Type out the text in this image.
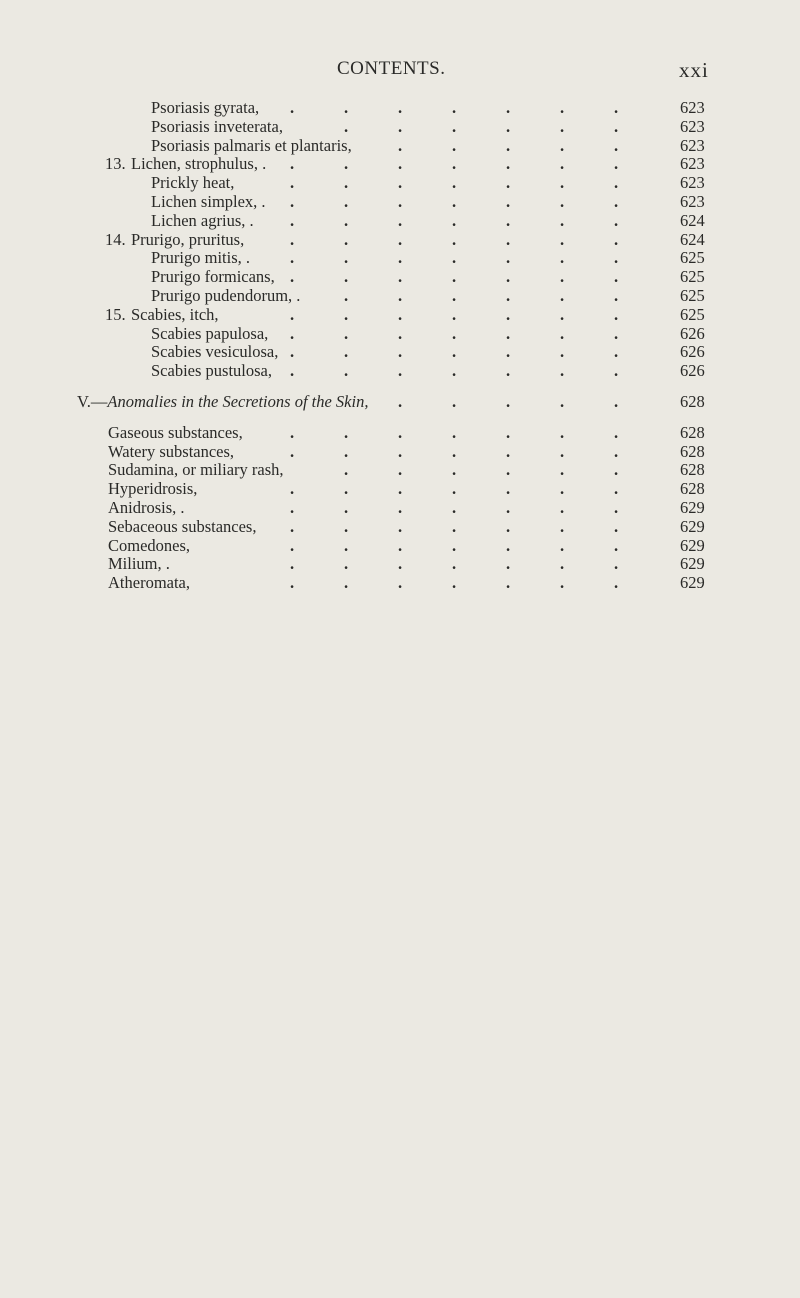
CONTENTS.	xxi
Psoriasis gyrata,	623
.	.	.	.	.	.	.
Psoriasis inveterata,	623
.	.	.	.	.	.
Psoriasis palmaris et plantaris,	623
.	.	.	.	.
13. Lichen, strophulus, .	623
.	.	.	.	.	.	.
Prickly heat,	623
.	.	.	.	.	.	.
Lichen simplex, .	623
.	.	.	.	.	.	.
Lichen agrius, .	624
.	.	.	.	.	.	.
14. Prurigo, pruritus,	624
.	.	.	.	.	.	.
Prurigo mitis, .	625
.	.	.	.	.	.	.
Prurigo formicans,	625
.	.	.	.	.	.	.
Prurigo pudendorum, .	625
.	.	.	.	.	.
15. Scabies, itch,	625
.	.	.	.	.	.	.
Scabies papulosa,	626
.	.	.	.	.	.	.
Scabies vesiculosa,	626
.	.	.	.	.	.	.
Scabies pustulosa,	626
.	.	.	.	.	.	.
V.—Anomalies in the Secretions of the Skin, .	.	.	.	.	628
Gaseous substances,	628
.	.	.	.	.	.	.
Watery substances,	628
.	.	.	.	.	.	.
Sudamina, or miliary rash,	628
.	.	.	.	.	.
Hyperidrosis,	628
.	.	.	.	.	.	.
Anidrosis, .	629
.	.	.	.	.	.	.
Sebaceous substances,	629
.	.	.	.	.	.	.
Comedones,	629
.	.	.	.	.	.	.
Milium, .	629
.	.	.	.	.	.	.
Atheromata,	629
.	.	.	.	.	.	.
